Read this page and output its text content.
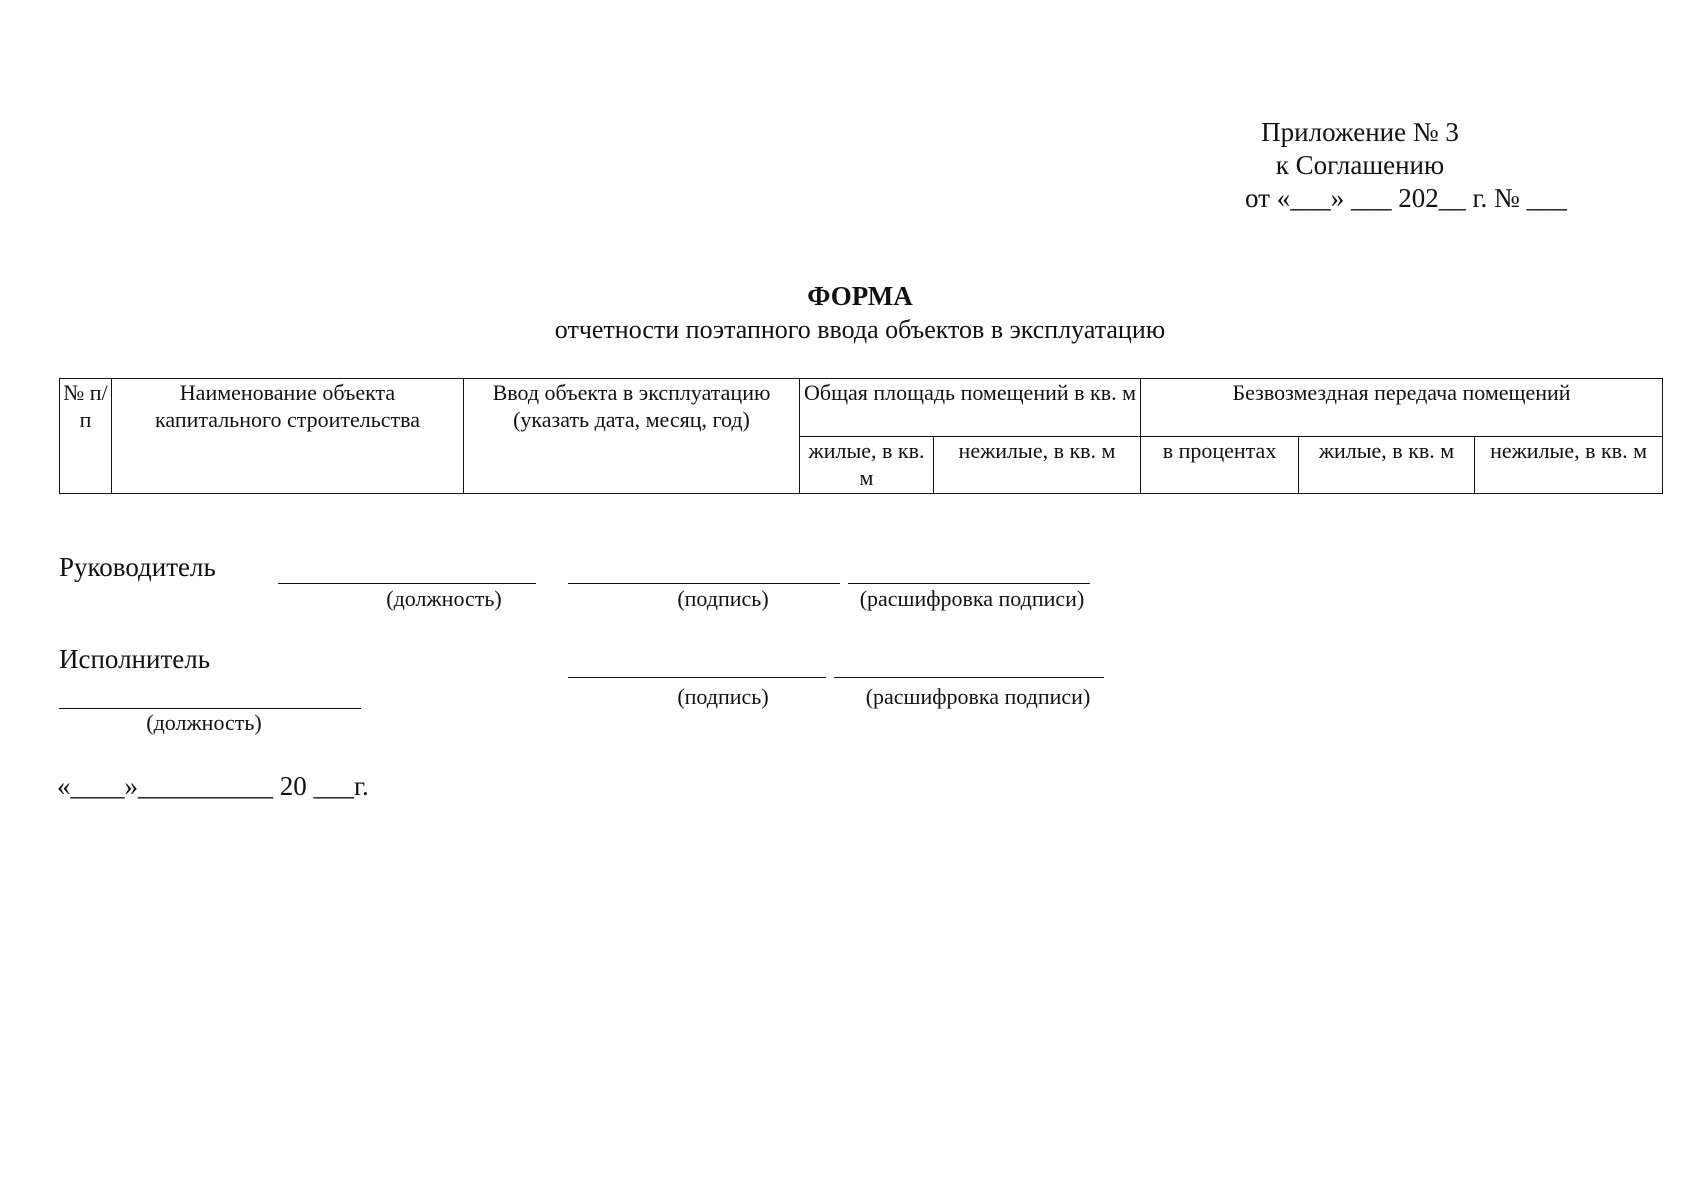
Приложение № 3
к Соглашению
от «___» ___ 202__ г. № ___
ФОРМА
отчетности поэтапного ввода объектов в эксплуатацию
№ п/п	Наименование объекта капитального строительства	Ввод объекта в эксплуатацию (указать дата, месяц, год)	Общая площадь помещений в кв. м		Безвозмездная передача помещений		
			жилые, в кв. м	нежилые, в кв. м	в процентах	жилые, в кв. м	нежилые, в кв. м
Руководитель
(должность)	(подпись)	(расшифровка подписи)
Исполнитель
(подпись)	(расшифровка подписи)
(должность)
«____»__________ 20 ___г.
